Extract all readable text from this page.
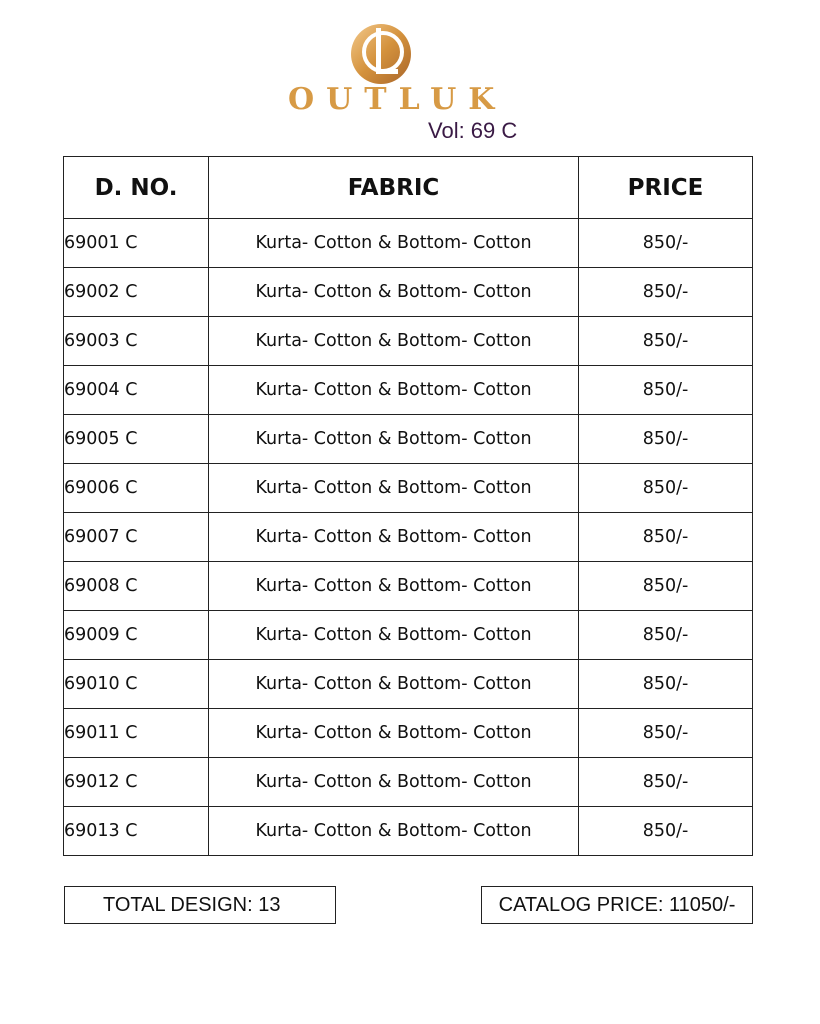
OUTLUK
Vol: 69 C
D. NO.	FABRIC	PRICE
69001 C	Kurta- Cotton & Bottom- Cotton	850/-
69002 C	Kurta- Cotton & Bottom- Cotton	850/-
69003 C	Kurta- Cotton & Bottom- Cotton	850/-
69004 C	Kurta- Cotton & Bottom- Cotton	850/-
69005 C	Kurta- Cotton & Bottom- Cotton	850/-
69006 C	Kurta- Cotton & Bottom- Cotton	850/-
69007 C	Kurta- Cotton & Bottom- Cotton	850/-
69008 C	Kurta- Cotton & Bottom- Cotton	850/-
69009 C	Kurta- Cotton & Bottom- Cotton	850/-
69010 C	Kurta- Cotton & Bottom- Cotton	850/-
69011 C	Kurta- Cotton & Bottom- Cotton	850/-
69012 C	Kurta- Cotton & Bottom- Cotton	850/-
69013 C	Kurta- Cotton & Bottom- Cotton	850/-
TOTAL DESIGN: 13	CATALOG PRICE: 11050/-
